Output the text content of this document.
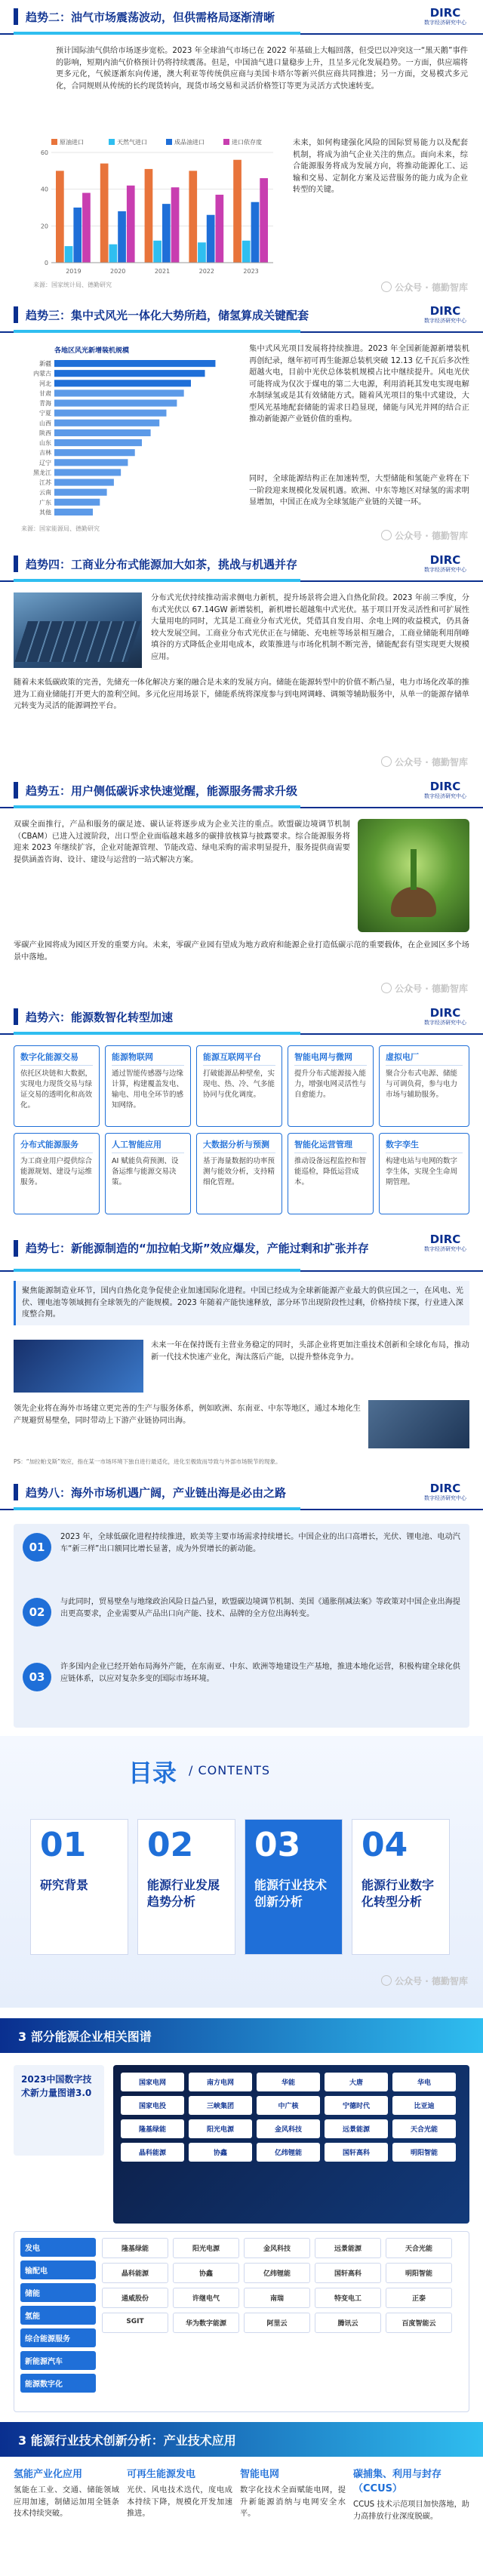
趋势二：油气市场震荡波动，但供需格局逐渐清晰	DIRC
数字经济研究中心
预计国际油气供给市场逐步宽松。2023 年全球油气市场已在 2022 年基础上大幅回落，但受巴以冲突这一“黑天鹅”事件的影响，短期内油气价格预计仍将持续震荡。但是，中国油气进口量稳步上升，且呈多元化发展趋势。一方面，供应端将更多元化，气候逐渐东向传递，澳大利亚等传统供应商与美国卡塔尔等新兴供应商共同推进；另一方面，交易模式多元化，合同规则从传统的长约现货转向，现货市场交易和灵活价格签订等更为灵活方式快速转变。
原油进口	天然气进口	成品油进口	进口依存度
0
20
40
60
2019	2020	2021	2022	2023
来源：国家统计局、德勤研究
未来，如何构建强化风险的国际贸易能力以及配套机制，将成为油气企业关注的焦点。面向未来，综合能源服务将成为发展方向，将推动能源化工、运输和交易、定制化方案及运营服务的能力成为企业转型的关键。
公众号 · 德勤智库
趋势三：集中式风光一体化大势所趋，储氢算成关键配套	DIRC
数字经济研究中心
各地区风光新增装机规模
新疆
内蒙古
河北
甘肃
青海
宁夏
山西
陕西
山东
吉林
辽宁
黑龙江
江苏
云南
广东
其他
来源：国家能源局、德勤研究
集中式风光项目发展将持续推进。2023 年全国新能源新增装机再创纪录，继年初可再生能源总装机突破 12.13 亿千瓦后多次性超越火电，目前中光伏总体装机规模占比中继续提升。风电光伏可能将成为仅次于煤电的第二大电源，利用消耗其发电实现电解水制绿氢或是其有效储能方式。随着风光项目的集中式建设，大型风光基地配套储能的需求日趋显现，储能与风光并网的结合正推动新能源产业链价值的重构。
同时，全球能源结构正在加速转型，大型储能和氢能产业将在下一阶段迎来规模化发展机遇。欧洲、中东等地区对绿氢的需求明显增加，中国正在成为全球氢能产业链的关键一环。
公众号 · 德勤智库
趋势四：工商业分布式能源加大如茶，挑战与机遇并存	DIRC
数字经济研究中心
分布式光伏持续推动需求侧电力新机，提升场景将会进入自热化阶段。2023 年前三季度，分布式光伏以 67.14GW 新增装机，新机增长超越集中式光伏。基于项目开发灵活性和可扩展性大量用电的同时，尤其是工商业分布式光伏，凭借其自发自用、余电上网的收益模式，仍具备较大发展空间。工商业分布式光伏正在与储能、充电桩等场景相互融合，工商业储能利用削峰填谷的方式降低企业用电成本，政策推进与市场化机制不断完善，储能配套有望实现更大规模应用。
随着未来低碳政策的完善，先储充一体化解决方案的融合是未来的发展方向。储能在能源转型中的价值不断凸显，电力市场化改革的推进为工商业储能打开更大的盈利空间。多元化应用场景下，储能系统将深度参与到电网调峰、调频等辅助服务中，从单一的能源存储单元转变为灵活的能源调控平台。
公众号 · 德勤智库
趋势五：用户侧低碳诉求快速觉醒，能源服务需求升级	DIRC
数字经济研究中心
双碳全面推行，产品和服务的碳足迹、碳认证将逐步成为企业关注的重点。欧盟碳边境调节机制（CBAM）已进入过渡阶段，出口型企业面临越来越多的碳排放核算与披露要求。综合能源服务将迎来 2023 年继续扩容，企业对能源管理、节能改造、绿电采购的需求明显提升，服务提供商需要提供涵盖咨询、设计、建设与运营的一站式解决方案。
零碳产业园将成为园区开发的重要方向。未来，零碳产业园有望成为地方政府和能源企业打造低碳示范的重要载体，在企业园区多个场景中落地。
公众号 · 德勤智库
趋势六：能源数智化转型加速	DIRC
数字经济研究中心
数字化能源交易
依托区块链和大数据，实现电力现货交易与绿证交易的透明化和高效化。
能源物联网
通过智能传感器与边缘计算，构建覆盖发电、输电、用电全环节的感知网络。
能源互联网平台
打破能源品种壁垒，实现电、热、冷、气多能协同与优化调度。
智能电网与微网
提升分布式能源接入能力，增强电网灵活性与自愈能力。
虚拟电厂
聚合分布式电源、储能与可调负荷，参与电力市场与辅助服务。
分布式能源服务
为工商业用户提供综合能源规划、建设与运维服务。
人工智能应用
AI 赋能负荷预测、设备运维与能源交易决策。
大数据分析与预测
基于海量数据的功率预测与能效分析，支持精细化管理。
智能化运营管理
推动设备远程监控和智能巡检，降低运营成本。
数字孪生
构建电站与电网的数字孪生体，实现全生命周期管理。
趋势七：新能源制造的“加拉帕戈斯”效应爆发，产能过剩和扩张并存
DIRC
数字经济研究中心
聚焦能源制造业环节，国内自热化竞争促使企业加速国际化进程。中国已经成为全球新能源产业最大的供应国之一，在风电、光伏、锂电池等领域拥有全球领先的产能规模。2023 年随着产能快速释放，部分环节出现阶段性过剩，价格持续下探，行业进入深度整合期。
未来一年在保持既有主营业务稳定的同时，头部企业将更加注重技术创新和全球化布局，推动新一代技术快速产业化，淘汰落后产能，以提升整体竞争力。
领先企业将在海外市场建立更完善的生产与服务体系，例如欧洲、东南亚、中东等地区，通过本地化生产规避贸易壁垒，同时带动上下游产业链协同出海。
PS：“加拉帕戈斯”效应，指在某一市场环境下独自进行最适化，进化至极致而导致与外部市场脱节的现象。
趋势八：海外市场机遇广阔，产业链出海是必由之路	DIRC
数字经济研究中心
01
2023 年，全球低碳化进程持续推进，欧美等主要市场需求持续增长。中国企业的出口高增长，光伏、锂电池、电动汽车“新三样”出口额同比增长显著，成为外贸增长的新动能。
02
与此同时，贸易壁垒与地缘政治风险日益凸显，欧盟碳边境调节机制、美国《通胀削减法案》等政策对中国企业出海提出更高要求，企业需要从产品出口向产能、技术、品牌的全方位出海转变。
03
许多国内企业已经开始布局海外产能，在东南亚、中东、欧洲等地建设生产基地，推进本地化运营，积极构建全球化供应链体系，以应对复杂多变的国际市场环境。
目录 / CONTENTS
01
研究背景
02
能源行业发展趋势分析
03
能源行业技术创新分析
04
能源行业数字化转型分析
公众号 · 德勤智库
3 部分能源企业相关图谱
2023中国数字技术新力量图谱3.0
国家电网	南方电网	华能	大唐	华电
国家电投	三峡集团	中广核	宁德时代	比亚迪
隆基绿能	阳光电源	金风科技	远景能源	天合光能
晶科能源	协鑫	亿纬锂能	国轩高科	明阳智能
发电
输配电
储能
氢能
综合能源服务
新能源汽车
能源数字化
隆基绿能	阳光电源	金风科技	远景能源	天合光能
晶科能源	协鑫	亿纬锂能	国轩高科	明阳智能
通威股份	许继电气	南瑞	特变电工	正泰
SGIT	华为数字能源	阿里云	腾讯云	百度智能云
3 能源行业技术创新分析：产业技术应用
氢能产业化应用
氢能在工业、交通、储能领域应用加速，制储运加用全链条技术持续突破。
可再生能源发电
光伏、风电技术迭代，度电成本持续下降，规模化开发加速推进。
智能电网
数字化技术全面赋能电网，提升新能源消纳与电网安全水平。
碳捕集、利用与封存（CCUS）
CCUS 技术示范项目加快落地，助力高排放行业深度脱碳。
